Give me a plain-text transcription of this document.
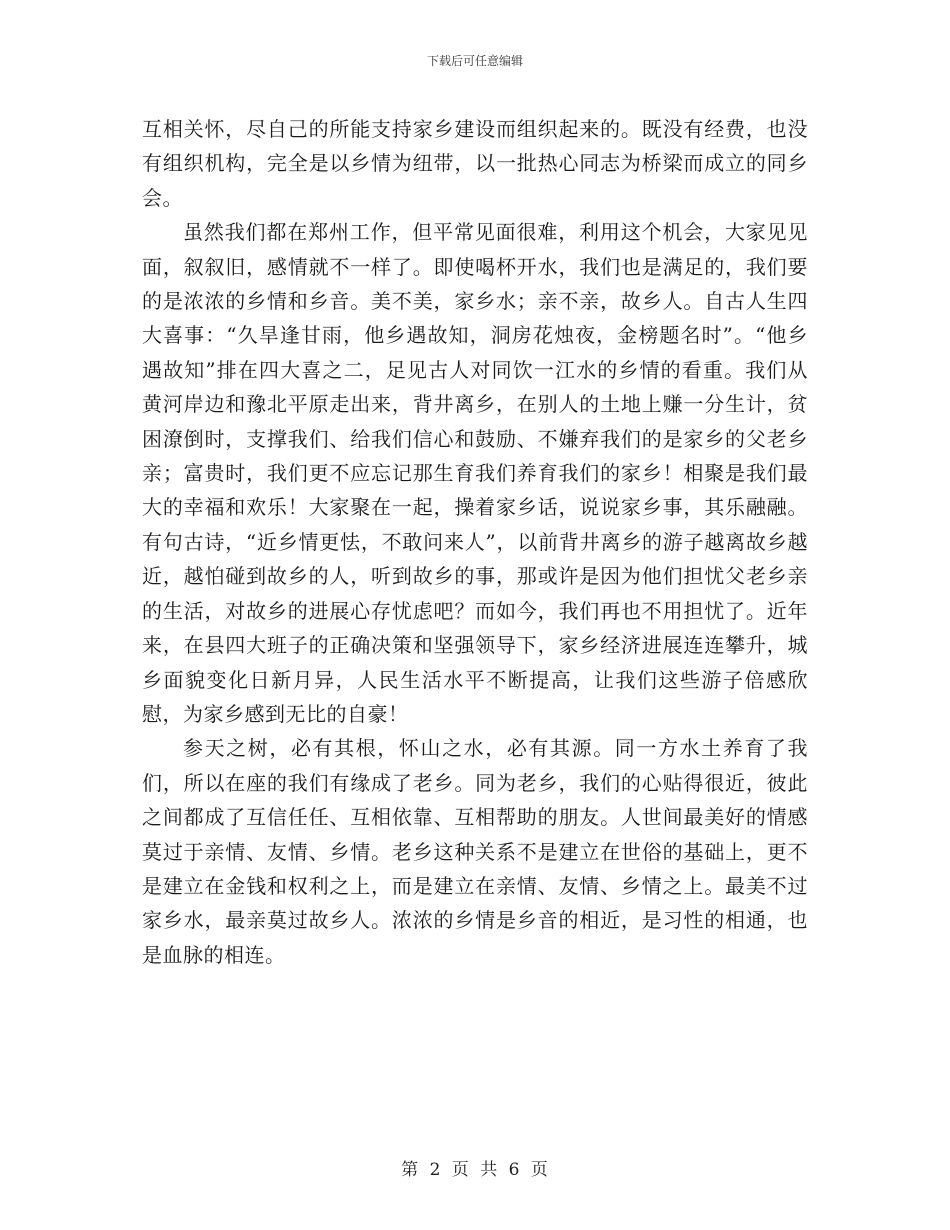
下载后可任意编辑

互相关怀，尽自己的所能支持家乡建设而组织起来的。既没有经费，也没有组织机构，完全是以乡情为纽带，以一批热心同志为桥梁而成立的同乡会。

虽然我们都在郑州工作，但平常见面很难，利用这个机会，大家见见面，叙叙旧，感情就不一样了。即使喝杯开水，我们也是满足的，我们要的是浓浓的乡情和乡音。美不美，家乡水；亲不亲，故乡人。自古人生四大喜事：“久旱逢甘雨，他乡遇故知，洞房花烛夜，金榜题名时”。“他乡遇故知”排在四大喜之二，足见古人对同饮一江水的乡情的看重。我们从黄河岸边和豫北平原走出来，背井离乡，在别人的土地上赚一分生计，贫困潦倒时，支撑我们、给我们信心和鼓励、不嫌弃我们的是家乡的父老乡亲；富贵时，我们更不应忘记那生育我们养育我们的家乡！相聚是我们最大的幸福和欢乐！大家聚在一起，操着家乡话，说说家乡事，其乐融融。有句古诗，“近乡情更怯，不敢问来人”，以前背井离乡的游子越离故乡越近，越怕碰到故乡的人，听到故乡的事，那或许是因为他们担忧父老乡亲的生活，对故乡的进展心存忧虑吧？而如今，我们再也不用担忧了。近年来，在县四大班子的正确决策和坚强领导下，家乡经济进展连连攀升，城乡面貌变化日新月异，人民生活水平不断提高，让我们这些游子倍感欣慰，为家乡感到无比的自豪！

参天之树，必有其根，怀山之水，必有其源。同一方水土养育了我们，所以在座的我们有缘成了老乡。同为老乡，我们的心贴得很近，彼此之间都成了互信任任、互相依靠、互相帮助的朋友。人世间最美好的情感莫过于亲情、友情、乡情。老乡这种关系不是建立在世俗的基础上，更不是建立在金钱和权利之上，而是建立在亲情、友情、乡情之上。最美不过家乡水，最亲莫过故乡人。浓浓的乡情是乡音的相近，是习性的相通，也是血脉的相连。

第 2 页 共 6 页
